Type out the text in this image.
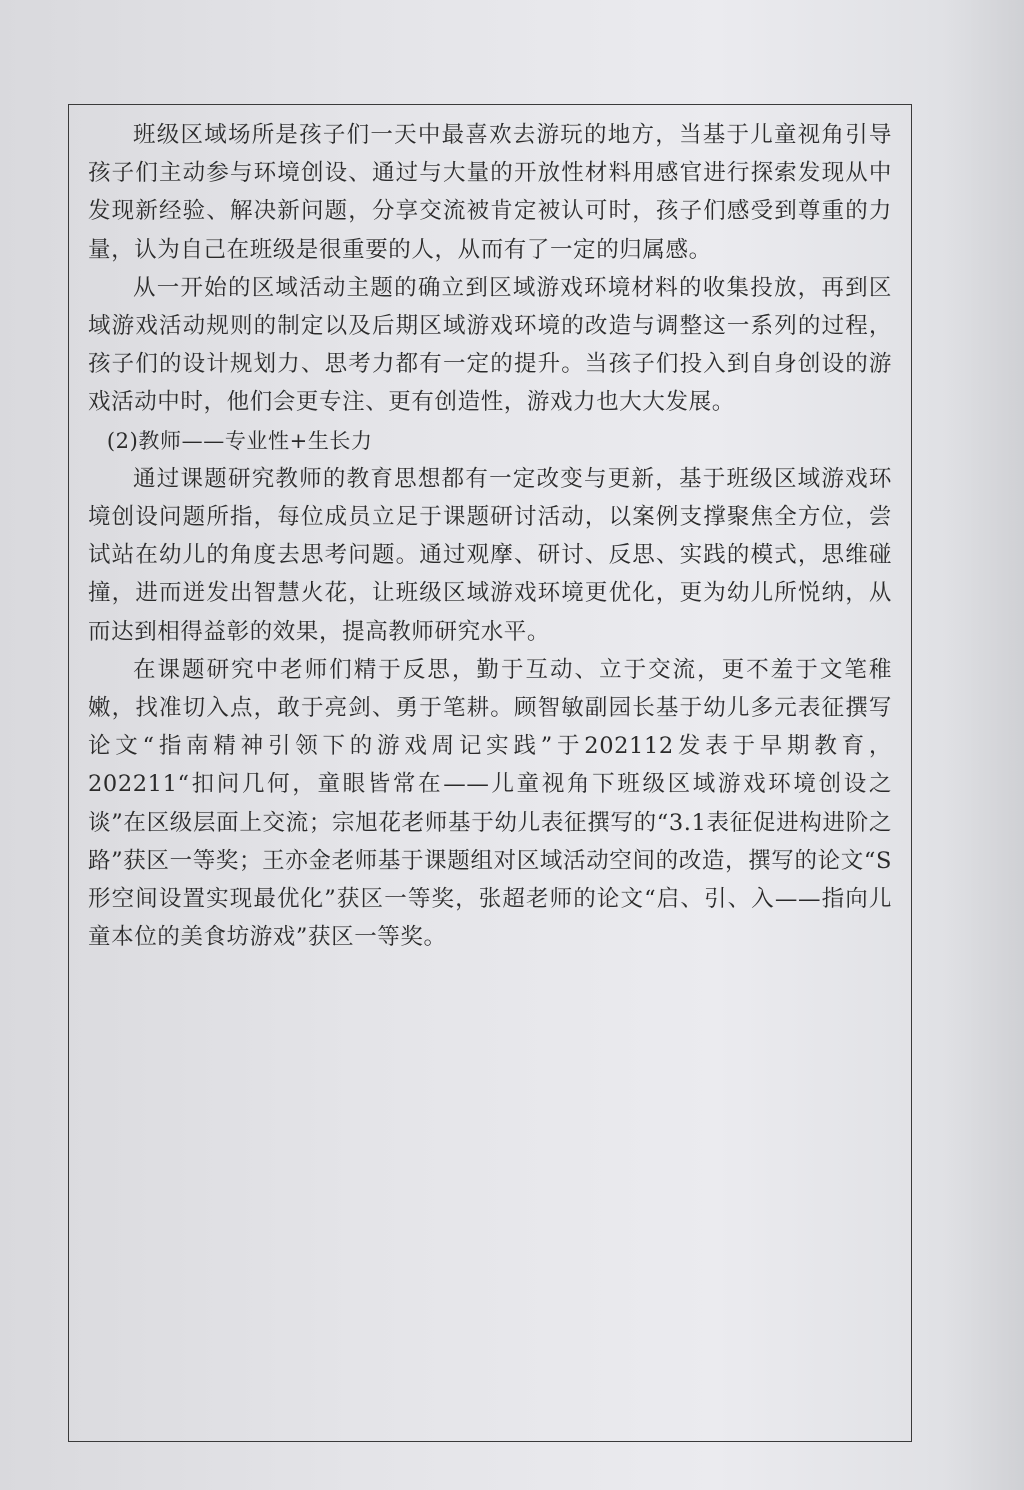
班级区域场所是孩子们一天中最喜欢去游玩的地方，当基于儿童视角引导孩子们主动参与环境创设、通过与大量的开放性材料用感官进行探索发现从中发现新经验、解决新问题，分享交流被肯定被认可时，孩子们感受到尊重的力量，认为自己在班级是很重要的人，从而有了一定的归属感。

从一开始的区域活动主题的确立到区域游戏环境材料的收集投放，再到区域游戏活动规则的制定以及后期区域游戏环境的改造与调整这一系列的过程，孩子们的设计规划力、思考力都有一定的提升。当孩子们投入到自身创设的游戏活动中时，他们会更专注、更有创造性，游戏力也大大发展。

(2)教师——专业性+生长力

通过课题研究教师的教育思想都有一定改变与更新，基于班级区域游戏环境创设问题所指，每位成员立足于课题研讨活动，以案例支撑聚焦全方位，尝试站在幼儿的角度去思考问题。通过观摩、研讨、反思、实践的模式，思维碰撞，进而迸发出智慧火花，让班级区域游戏环境更优化，更为幼儿所悦纳，从而达到相得益彰的效果，提高教师研究水平。

在课题研究中老师们精于反思，勤于互动、立于交流，更不羞于文笔稚嫩，找准切入点，敢于亮剑、勇于笔耕。顾智敏副园长基于幼儿多元表征撰写论文“指南精神引领下的游戏周记实践”于202112发表于早期教育，202211“扣问几何，童眼皆常在——儿童视角下班级区域游戏环境创设之谈”在区级层面上交流；宗旭花老师基于幼儿表征撰写的“3.1表征促进构进阶之路”获区一等奖；王亦金老师基于课题组对区域活动空间的改造，撰写的论文“S形空间设置实现最优化”获区一等奖，张超老师的论文“启、引、入——指向儿童本位的美食坊游戏”获区一等奖。
